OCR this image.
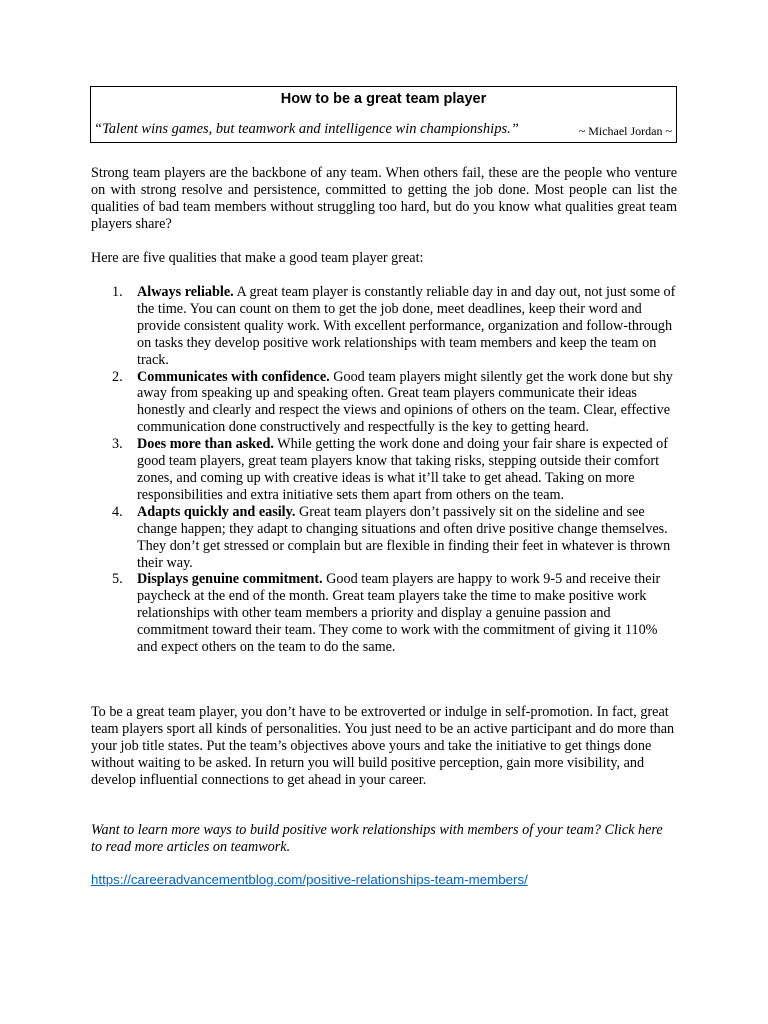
How to be a great team player
“Talent wins games, but teamwork and intelligence win championships.”	~ Michael Jordan ~

Strong team players are the backbone of any team. When others fail, these are the people who venture on with strong resolve and persistence, committed to getting the job done. Most people can list the qualities of bad team members without struggling too hard, but do you know what qualities great team players share?

Here are five qualities that make a good team player great:

1. Always reliable. A great team player is constantly reliable day in and day out, not just some of the time. You can count on them to get the job done, meet deadlines, keep their word and provide consistent quality work. With excellent performance, organization and follow-through on tasks they develop positive work relationships with team members and keep the team on track.
2. Communicates with confidence. Good team players might silently get the work done but shy away from speaking up and speaking often. Great team players communicate their ideas honestly and clearly and respect the views and opinions of others on the team. Clear, effective communication done constructively and respectfully is the key to getting heard.
3. Does more than asked. While getting the work done and doing your fair share is expected of good team players, great team players know that taking risks, stepping outside their comfort zones, and coming up with creative ideas is what it’ll take to get ahead. Taking on more responsibilities and extra initiative sets them apart from others on the team.
4. Adapts quickly and easily. Great team players don’t passively sit on the sideline and see change happen; they adapt to changing situations and often drive positive change themselves. They don’t get stressed or complain but are flexible in finding their feet in whatever is thrown their way.
5. Displays genuine commitment. Good team players are happy to work 9-5 and receive their paycheck at the end of the month. Great team players take the time to make positive work relationships with other team members a priority and display a genuine passion and commitment toward their team. They come to work with the commitment of giving it 110% and expect others on the team to do the same.

To be a great team player, you don’t have to be extroverted or indulge in self-promotion. In fact, great team players sport all kinds of personalities. You just need to be an active participant and do more than your job title states. Put the team’s objectives above yours and take the initiative to get things done without waiting to be asked. In return you will build positive perception, gain more visibility, and develop influential connections to get ahead in your career.

Want to learn more ways to build positive work relationships with members of your team? Click here to read more articles on teamwork.

https://careeradvancementblog.com/positive-relationships-team-members/
